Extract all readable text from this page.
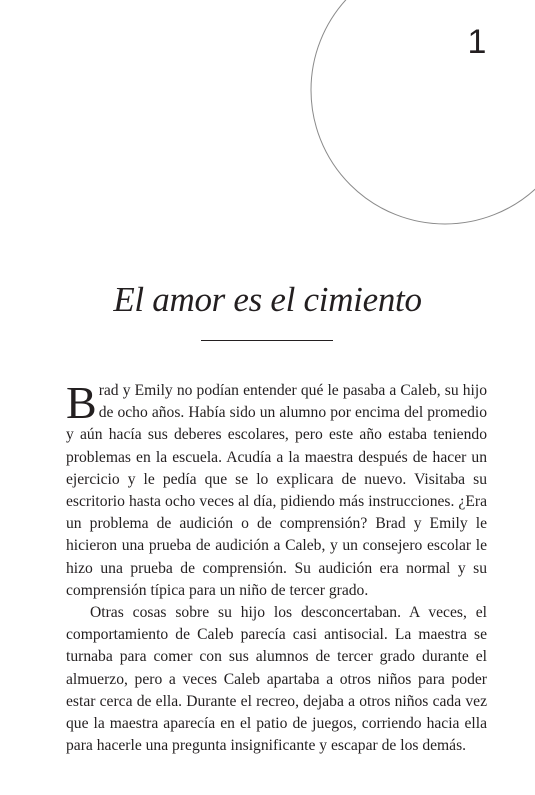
1
El amor es el cimiento

Brad y Emily no podían entender qué le pasaba a Caleb, su hijo de ocho años. Había sido un alumno por encima del promedio y aún hacía sus deberes escolares, pero este año estaba teniendo problemas en la escuela. Acudía a la maestra después de hacer un ejercicio y le pedía que se lo explicara de nuevo. Visitaba su escritorio hasta ocho veces al día, pidiendo más instrucciones. ¿Era un problema de audición o de comprensión? Brad y Emily le hicieron una prueba de audición a Caleb, y un consejero escolar le hizo una prueba de comprensión. Su audición era normal y su comprensión típica para un niño de tercer grado.

Otras cosas sobre su hijo los desconcertaban. A veces, el comportamiento de Caleb parecía casi antisocial. La maestra se turnaba para comer con sus alumnos de tercer grado durante el almuerzo, pero a veces Caleb apartaba a otros niños para poder estar cerca de ella. Durante el recreo, dejaba a otros niños cada vez que la maestra aparecía en el patio de juegos, corriendo hacia ella para hacerle una pregunta insignificante y escapar de los demás.
